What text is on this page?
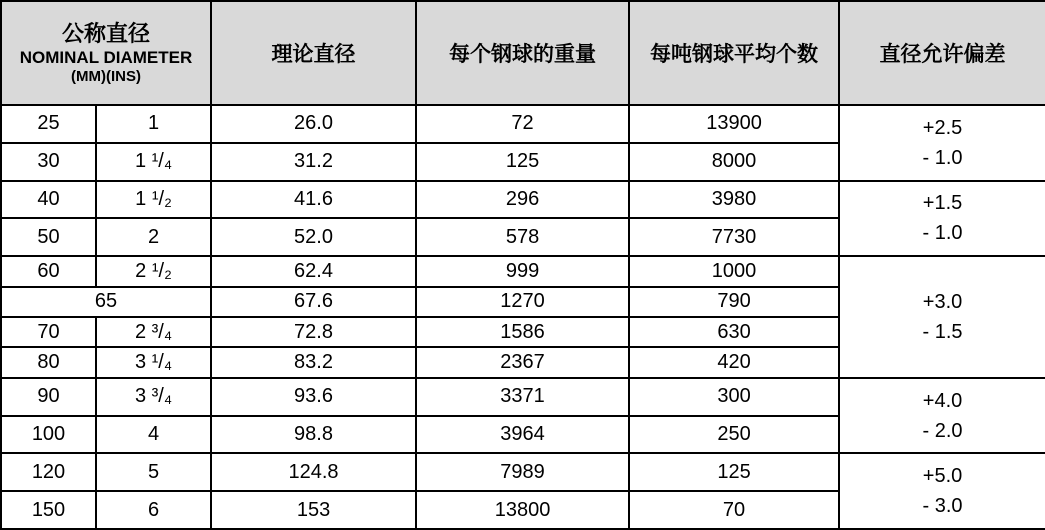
公称直径
NOMINAL DIAMETER
(MM)(INS)		理论直径	每个钢球的重量	每吨钢球平均个数	直径允许偏差
25	1	26.0	72	13900	+2.5
- 1.0

30	1 ¹/₄	31.2	125	8000	
40	1 ¹/₂	41.6	296	3980	+1.5
- 1.0

50	2	52.0	578	7730	
60	2 ¹/₂	62.4	999	1000	+3.0
- 1.5

65		67.6	1270	790	
70	2 ³/₄	72.8	1586	630	
80	3 ¹/₄	83.2	2367	420	
90	3 ³/₄	93.6	3371	300	+4.0
- 2.0

100	4	98.8	3964	250	
120	5	124.8	7989	125	+5.0
- 3.0

150	6	153	13800	70	
